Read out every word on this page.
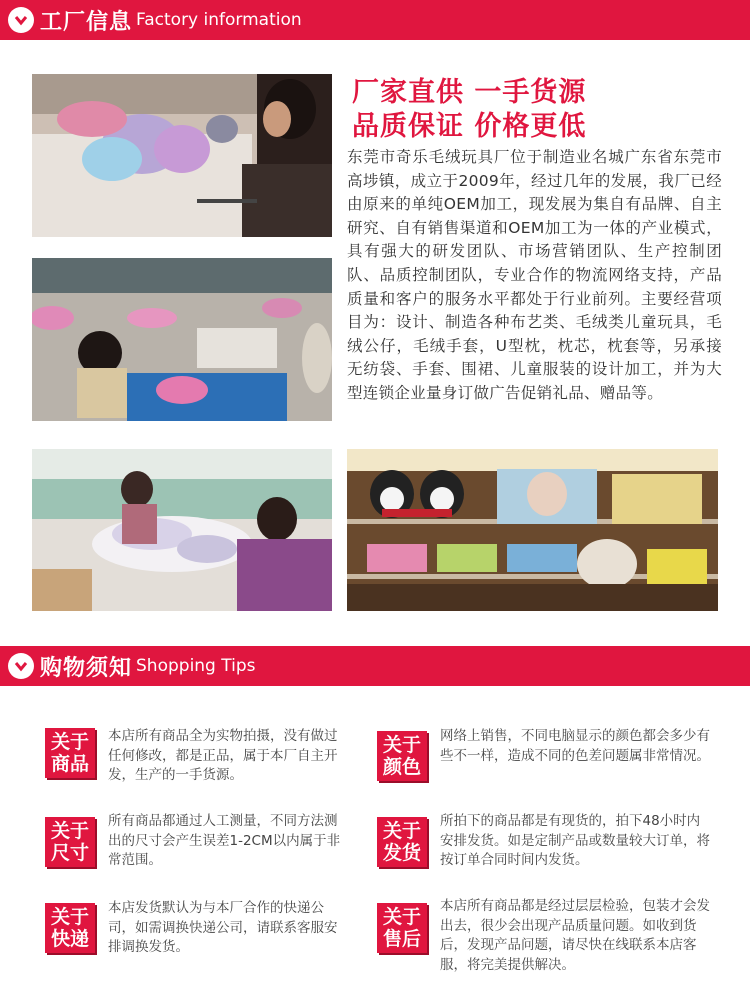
工厂信息 Factory information
厂家直供 一手货源
品质保证 价格更低
东莞市奇乐毛绒玩具厂位于制造业名城广东省东莞市高埗镇，成立于2009年，经过几年的发展，我厂已经由原来的单纯OEM加工，现发展为集自有品牌、自主研究、自有销售渠道和OEM加工为一体的产业模式，具有强大的研发团队、市场营销团队、生产控制团队、品质控制团队，专业合作的物流网络支持，产品质量和客户的服务水平都处于行业前列。主要经营项目为：设计、制造各种布艺类、毛绒类儿童玩具，毛绒公仔，毛绒手套，U型枕，枕芯，枕套等，另承接无纺袋、手套、围裙、儿童服装的设计加工，并为大型连锁企业量身订做广告促销礼品、赠品等。
购物须知 Shopping Tips
关于
商品
本店所有商品全为实物拍摄，没有做过任何修改，都是正品，属于本厂自主开发，生产的一手货源。
关于
颜色
网络上销售，不同电脑显示的颜色都会多少有些不一样，造成不同的色差问题属非常情况。
关于
尺寸
所有商品都通过人工测量，不同方法测出的尺寸会产生误差1-2CM以内属于非常范围。
关于
发货
所拍下的商品都是有现货的，拍下48小时内安排发货。如是定制产品或数量较大订单，将按订单合同时间内发货。
关于
快递
本店发货默认为与本厂合作的快递公司，如需调换快递公司，请联系客服安排调换发货。
关于
售后
本店所有商品都是经过层层检验，包装才会发出去，很少会出现产品质量问题。如收到货后，发现产品问题，请尽快在线联系本店客服，将完美提供解决。
